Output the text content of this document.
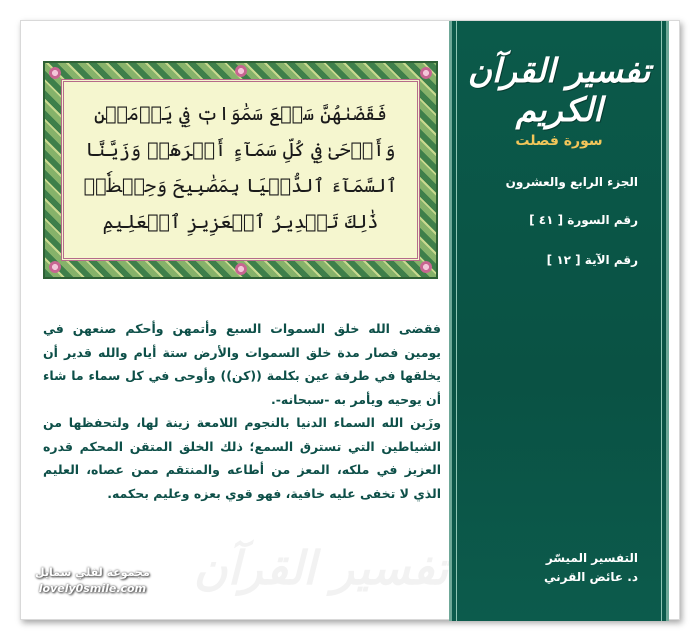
تفسير القرآن
فَقَضَىٰهُنَّ سَبۡعَ سَمَٰوَاتٖ فِي يَوۡمَيۡنِ وَأَوۡحَىٰ فِي كُلِّ سَمَآءٍ أَمۡرَهَاۚ وَزَيَّنَّا ٱلسَّمَآءَ ٱلدُّنۡيَا بِمَصَٰبِيحَ وَحِفۡظٗاۚ ذَٰلِكَ تَقۡدِيرُ ٱلۡعَزِيزِ ٱلۡعَلِيمِ

فقضى الله خلق السموات السبع وأتمهن وأحكم صنعهن في يومين فصار مدة خلق السموات والأرض ستة أيام والله قدير أن يخلقها في طرفة عين بكلمة ((كن)) وأوحى في كل سماء ما شاء أن يوحيه ويأمر به -سبحانه-.

وزَين الله السماء الدنيا بالنجوم اللامعة زينة لها، ولتحفظها من الشياطين التي تسترق السمع؛ ذلك الخلق المتقن المحكم قدره العزيز في ملكه، المعز من أطاعه والمنتقم ممن عصاه، العليم الذي لا تخفى عليه خافية، فهو قوي بعزه وعليم بحكمه.

مجموعة لفلي سمايل
lovely0smile.com
تفسير القرآن الكريم
سورة فصلت
الجزء الرابع والعشرون
رقم السورة [ ٤١ ]
رقم الآية [ ١٢ ]
التفسير الميسّر
د. عائض القرني
